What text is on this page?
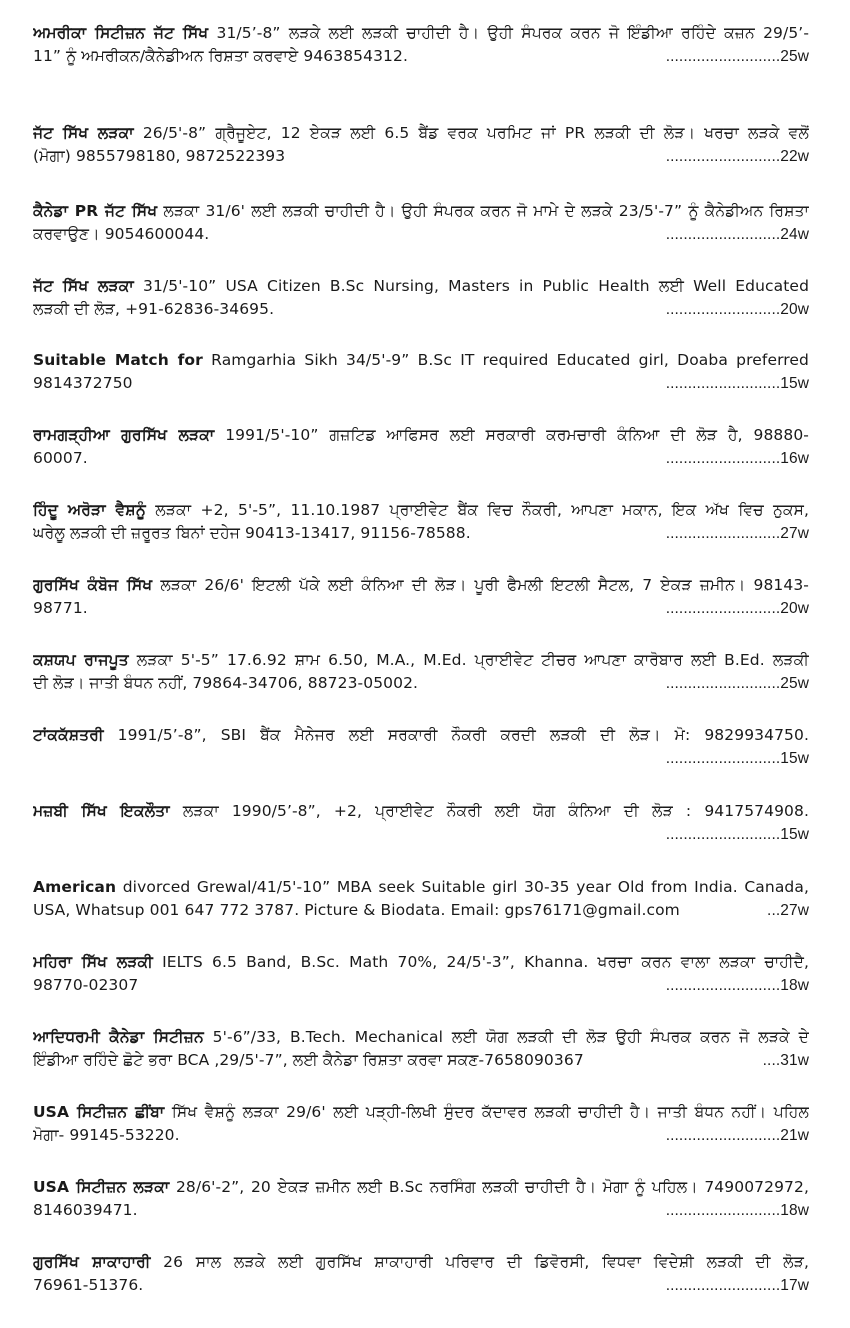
ਅਮਰੀਕਾ ਸਿਟੀਜ਼ਨ ਜੱਟ ਸਿੱਖ 31/5’-8” ਲੜਕੇ ਲਈ ਲੜਕੀ ਚਾਹੀਦੀ ਹੈ। ਉਹੀ ਸੰਪਰਕ ਕਰਨ ਜੋ ਇੰਡੀਆ ਰਹਿੰਦੇ ਕਜ਼ਨ 29/5’-
11” ਨੂੰ ਅਮਰੀਕਨ/ਕੈਨੇਡੀਅਨ ਰਿਸ਼ਤਾ ਕਰਵਾਏ 9463854312.	..........................25w
ਜੱਟ ਸਿੱਖ ਲੜਕਾ 26/5'-8” ਗ੍ਰੈਜੂਏਟ, 12 ਏਕੜ ਲਈ 6.5 ਬੈਂਡ ਵਰਕ ਪਰਮਿਟ ਜਾਂ PR ਲੜਕੀ ਦੀ ਲੋੜ। ਖਰਚਾ ਲੜਕੇ ਵਲੋਂ
(ਮੋਗਾ) 9855798180, 9872522393	..........................22w
ਕੈਨੇਡਾ PR ਜੱਟ ਸਿੱਖ ਲੜਕਾ 31/6' ਲਈ ਲੜਕੀ ਚਾਹੀਦੀ ਹੈ। ਉਹੀ ਸੰਪਰਕ ਕਰਨ ਜੋ ਮਾਮੇ ਦੇ ਲੜਕੇ 23/5'-7” ਨੂੰ ਕੈਨੇਡੀਅਨ ਰਿਸ਼ਤਾ
ਕਰਵਾਉਣ। 9054600044.	..........................24w
ਜੱਟ ਸਿੱਖ ਲੜਕਾ 31/5'-10” USA Citizen B.Sc Nursing, Masters in Public Health ਲਈ Well Educated
ਲੜਕੀ ਦੀ ਲੋੜ, +91-62836-34695.	..........................20w
Suitable Match for Ramgarhia Sikh 34/5'-9” B.Sc IT required Educated girl, Doaba preferred
9814372750	..........................15w
ਰਾਮਗੜ੍ਹੀਆ ਗੁਰਸਿੱਖ ਲੜਕਾ 1991/5'-10” ਗਜ਼ਟਿਡ ਆਫਿਸਰ ਲਈ ਸਰਕਾਰੀ ਕਰਮਚਾਰੀ ਕੰਨਿਆ ਦੀ ਲੋੜ ਹੈ, 98880-
60007.	..........................16w
ਹਿੰਦੂ ਅਰੋੜਾ ਵੈਸ਼ਨੂੰ ਲੜਕਾ +2, 5'-5”, 11.10.1987 ਪ੍ਰਾਈਵੇਟ ਬੈਂਕ ਵਿਚ ਨੌਕਰੀ, ਆਪਣਾ ਮਕਾਨ, ਇਕ ਅੱਖ ਵਿਚ ਨੁਕਸ,
ਘਰੇਲੂ ਲੜਕੀ ਦੀ ਜ਼ਰੂਰਤ ਬਿਨਾਂ ਦਹੇਜ 90413-13417, 91156-78588.	..........................27w
ਗੁਰਸਿੱਖ ਕੰਬੋਜ ਸਿੱਖ ਲੜਕਾ 26/6' ਇਟਲੀ ਪੱਕੇ ਲਈ ਕੰਨਿਆ ਦੀ ਲੋੜ। ਪੂਰੀ ਫੈਮਲੀ ਇਟਲੀ ਸੈਟਲ, 7 ਏਕੜ ਜ਼ਮੀਨ। 98143-
98771.	..........................20w
ਕਸ਼ਯਪ ਰਾਜਪੂਤ ਲੜਕਾ 5'-5” 17.6.92 ਸ਼ਾਮ 6.50, M.A., M.Ed. ਪ੍ਰਾਈਵੇਟ ਟੀਚਰ ਆਪਣਾ ਕਾਰੋਬਾਰ ਲਈ B.Ed. ਲੜਕੀ
ਦੀ ਲੋੜ। ਜਾਤੀ ਬੰਧਨ ਨਹੀਂ, 79864-34706, 88723-05002.	..........................25w
ਟਾਂਕਕੱਸ਼ਤਰੀ 1991/5’-8”, SBI ਬੈਂਕ ਮੈਨੇਜਰ ਲਈ ਸਰਕਾਰੀ ਨੌਕਰੀ ਕਰਦੀ ਲੜਕੀ ਦੀ ਲੋੜ। ਮੋ: 9829934750.
..........................15w
ਮਜ਼ਬੀ ਸਿੱਖ ਇਕਲੌਤਾ ਲੜਕਾ 1990/5’-8”, +2, ਪ੍ਰਾਈਵੇਟ ਨੌਕਰੀ ਲਈ ਯੋਗ ਕੰਨਿਆ ਦੀ ਲੋੜ : 9417574908.
..........................15w
American divorced Grewal/41/5'-10” MBA seek Suitable girl 30-35 year Old from India. Canada,
USA, Whatsup 001 647 772 3787. Picture & Biodata. Email: gps76171@gmail.com	...27w
ਮਹਿਰਾ ਸਿੱਖ ਲੜਕੀ IELTS 6.5 Band, B.Sc. Math 70%, 24/5'-3”, Khanna. ਖਰਚਾ ਕਰਨ ਵਾਲਾ ਲੜਕਾ ਚਾਹੀਦੈ,
98770-02307	..........................18w
ਆਦਿਧਰਮੀ ਕੈਨੇਡਾ ਸਿਟੀਜ਼ਨ 5'-6”/33, B.Tech. Mechanical ਲਈ ਯੋਗ ਲੜਕੀ ਦੀ ਲੋੜ ਉਹੀ ਸੰਪਰਕ ਕਰਨ ਜੋ ਲੜਕੇ ਦੇ
ਇੰਡੀਆ ਰਹਿੰਦੇ ਛੋਟੇ ਭਰਾ BCA ,29/5'-7”, ਲਈ ਕੈਨੇਡਾ ਰਿਸ਼ਤਾ ਕਰਵਾ ਸਕਣ-7658090367	....31w
USA ਸਿਟੀਜ਼ਨ ਛੀਂਬਾ ਸਿੱਖ ਵੈਸ਼ਨੂੰ ਲੜਕਾ 29/6' ਲਈ ਪੜ੍ਹੀ-ਲਿਖੀ ਸੁੰਦਰ ਕੱਦਾਵਰ ਲੜਕੀ ਚਾਹੀਦੀ ਹੈ। ਜਾਤੀ ਬੰਧਨ ਨਹੀਂ। ਪਹਿਲ
ਮੋਗਾ- 99145-53220.	..........................21w
USA ਸਿਟੀਜ਼ਨ ਲੜਕਾ 28/6'-2”, 20 ਏਕੜ ਜ਼ਮੀਨ ਲਈ B.Sc ਨਰਸਿੰਗ ਲੜਕੀ ਚਾਹੀਦੀ ਹੈ। ਮੋਗਾ ਨੂੰ ਪਹਿਲ। 7490072972,
8146039471.	..........................18w
ਗੁਰਸਿੱਖ ਸ਼ਾਕਾਹਾਰੀ 26 ਸਾਲ ਲੜਕੇ ਲਈ ਗੁਰਸਿੱਖ ਸ਼ਾਕਾਹਾਰੀ ਪਰਿਵਾਰ ਦੀ ਡਿਵੋਰਸੀ, ਵਿਧਵਾ ਵਿਦੇਸ਼ੀ ਲੜਕੀ ਦੀ ਲੋੜ,
76961-51376.	..........................17w
